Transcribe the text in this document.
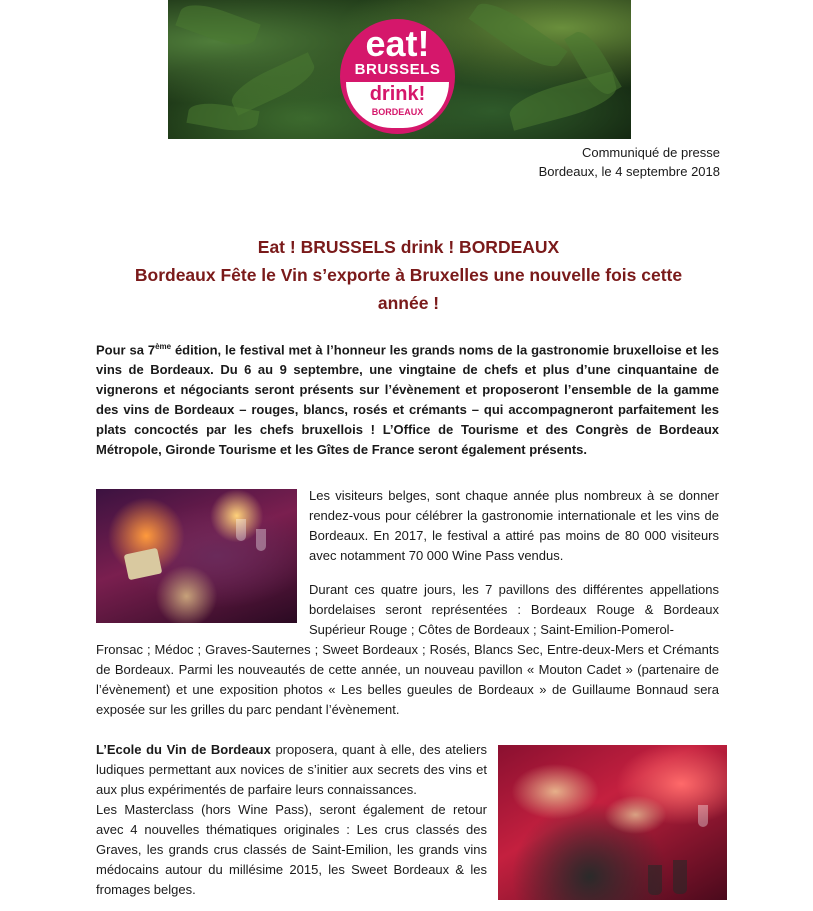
eat!
BRUSSELS
drink!
BORDEAUX
Communiqué de presse
Bordeaux, le 4 septembre 2018
Eat ! BRUSSELS drink ! BORDEAUX
Bordeaux Fête le Vin s’exporte à Bruxelles une nouvelle fois cette
année !
Pour sa 7ème édition, le festival met à l’honneur les grands noms de la gastronomie bruxelloise et les vins de Bordeaux. Du 6 au 9 septembre, une vingtaine de chefs et plus d’une cinquantaine de vignerons et négociants seront présents sur l’évènement et proposeront l’ensemble de la gamme des vins de Bordeaux – rouges, blancs, rosés et crémants – qui accompagneront parfaitement les plats concoctés par les chefs bruxellois ! L’Office de Tourisme et des Congrès de Bordeaux Métropole, Gironde Tourisme et les Gîtes de France seront également présents.
Les visiteurs belges, sont chaque année plus nombreux à se donner rendez-vous pour célébrer la gastronomie internationale et les vins de Bordeaux. En 2017, le festival a attiré pas moins de 80 000 visiteurs avec notamment 70 000 Wine Pass vendus.
Durant ces quatre jours, les 7 pavillons des différentes appellations bordelaises seront représentées : Bordeaux Rouge & Bordeaux Supérieur Rouge ; Côtes de Bordeaux ; Saint-Emilion-Pomerol-
Fronsac ; Médoc ; Graves-Sauternes ; Sweet Bordeaux ; Rosés, Blancs Sec, Entre-deux-Mers et Crémants de Bordeaux. Parmi les nouveautés de cette année, un nouveau pavillon « Mouton Cadet » (partenaire de l’évènement) et une exposition photos « Les belles gueules de Bordeaux » de Guillaume Bonnaud sera exposée sur les grilles du parc pendant l’évènement.
L’Ecole du Vin de Bordeaux proposera, quant à elle, des ateliers ludiques permettant aux novices de s’initier aux secrets des vins et aux plus expérimentés de parfaire leurs connaissances.
Les Masterclass (hors Wine Pass), seront également de retour avec 4 nouvelles thématiques originales : Les crus classés des Graves, les grands crus classés de Saint-Emilion, les grands vins médocains autour du millésime 2015, les Sweet Bordeaux & les fromages belges.
